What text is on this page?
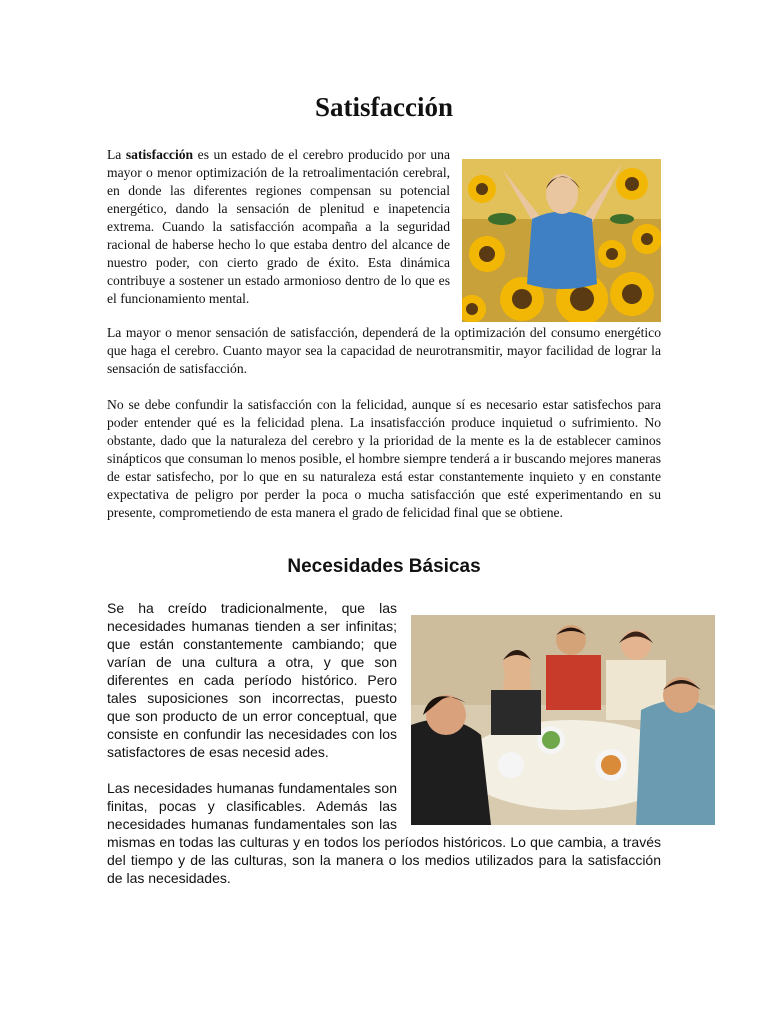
Satisfacción
La satisfacción es un estado de el cerebro producido por una mayor o menor optimización de la retroalimentación cerebral, en donde las diferentes regiones compensan su potencial energético, dando la sensación de plenitud e inapetencia extrema. Cuando la satisfacción acompaña a la seguridad racional de haberse hecho lo que estaba dentro del alcance de nuestro poder, con cierto grado de éxito. Esta dinámica contribuye a sostener un estado armonioso dentro de lo que es el funcionamiento mental.

La mayor o menor sensación de satisfacción, dependerá de la optimización del consumo energético que haga el cerebro. Cuanto mayor sea la capacidad de neurotransmitir, mayor facilidad de lograr la sensación de satisfacción.

No se debe confundir la satisfacción con la felicidad, aunque sí es necesario estar satisfechos para poder entender qué es la felicidad plena. La insatisfacción produce inquietud o sufrimiento. No obstante, dado que la naturaleza del cerebro y la prioridad de la mente es la de establecer caminos sinápticos que consuman lo menos posible, el hombre siempre tenderá a ir buscando mejores maneras de estar satisfecho, por lo que en su naturaleza está estar constantemente inquieto y en constante expectativa de peligro por perder la poca o mucha satisfacción que esté experimentando en su presente, comprometiendo de esta manera el grado de felicidad final que se obtiene.

Necesidades Básicas
Se ha creído tradicionalmente, que las necesidades humanas tienden a ser infinitas; que están constantemente cambiando; que varían de una cultura a otra, y que son diferentes en cada período histórico. Pero tales suposiciones son incorrectas, puesto que son producto de un error conceptual, que consiste en confundir las necesidades con los satisfactores de esas necesid ades.
Las necesidades humanas fundamentales son finitas, pocas y clasificables. Además las necesidades humanas fundamentales son las mismas en todas las culturas y en todos los períodos históricos. Lo que cambia, a través del tiempo y de las culturas, son la manera o los medios utilizados para la satisfacción de las necesidades.
